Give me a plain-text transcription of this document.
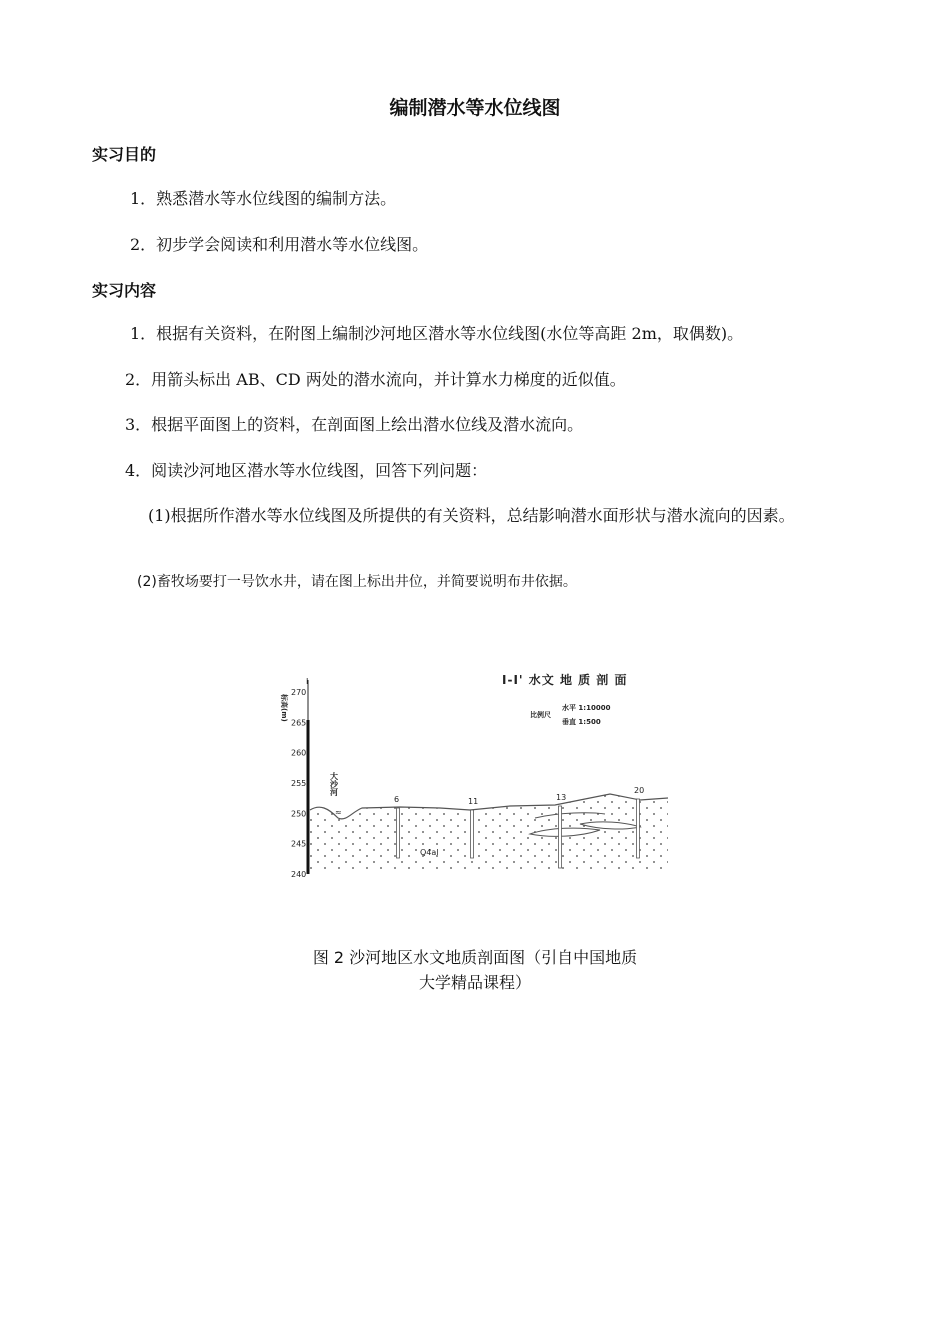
编制潜水等水位线图
实习目的
1．熟悉潜水等水位线图的编制方法。
2．初步学会阅读和利用潜水等水位线图。
实习内容
1．根据有关资料，在附图上编制沙河地区潜水等水位线图(水位等高距 2m，取偶数)。
2．用箭头标出 AB、CD 两处的潜水流向，并计算水力梯度的近似值。
3．根据平面图上的资料，在剖面图上绘出潜水位线及潜水流向。
4．阅读沙河地区潜水等水位线图，回答下列问题：
(1)根据所作潜水等水位线图及所提供的有关资料，总结影响潜水面形状与潜水流向的因素。
(2)畜牧场要打一号饮水井，请在图上标出井位，并简要说明布井依据。
I
标高(m)
270
265
260
255
250
245
240
大沙河
≈
6	11	13
20
Q4al
I-I' 水文 地 质 剖 面
比例尺
水平 1:10000
垂直 1:500
图 2 沙河地区水文地质剖面图（引自中国地质
大学精品课程）
